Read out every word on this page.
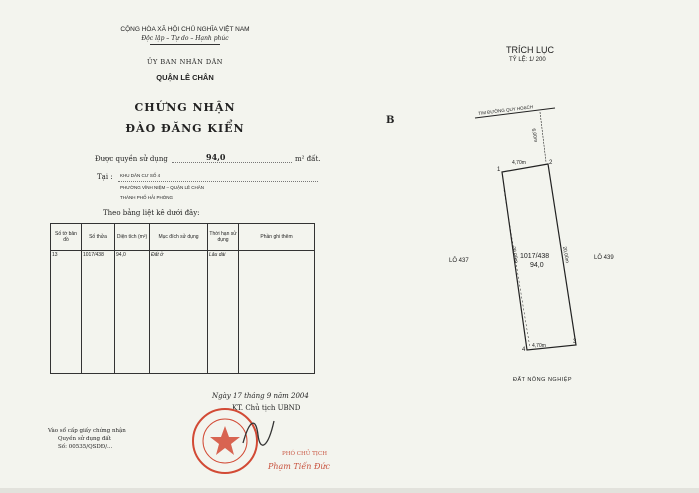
CỘNG HÒA XÃ HỘI CHỦ NGHĨA VIỆT NAM
Độc lập – Tự do – Hạnh phúc
ỦY BAN NHÂN DÂN
QUẬN LÊ CHÂN
CHỨNG NHẬN
ĐÀO ĐĂNG KIỂN
Được quyền sử dụng	94,0	m² đất.
Tại : KHU DÂN CƯ SỐ 4
PHƯỜNG VĨNH NIỆM – QUẬN LÊ CHÂN
THÀNH PHỐ HẢI PHÒNG
Theo bảng liệt kê dưới đây:
Số tờ bản đồ	Số thửa	Diện tích (m²)	Mục đích sử dụng	Thời hạn sử dụng	Phần ghi thêm
13	1017/438	94,0	Đất ở	Lâu dài	
Ngày 17 tháng 9 năm 2004
KT. Chủ tịch UBND
Vào sổ cấp giấy chứng nhận
Quyền sử dụng đất
Số: 00535/QSDĐ/...
PHÓ CHỦ TỊCH
Phạm Tiến Đức
TRÍCH LỤC
TỶ LỆ: 1/ 200
B
TIM ĐƯỜNG QUY HOẠCH
6,00m
4,70m
4,70m
20,00m	20,00m
1017/438
94,0
1
2
3
4
LÔ 437	LÔ 439
ĐẤT NÔNG NGHIỆP
